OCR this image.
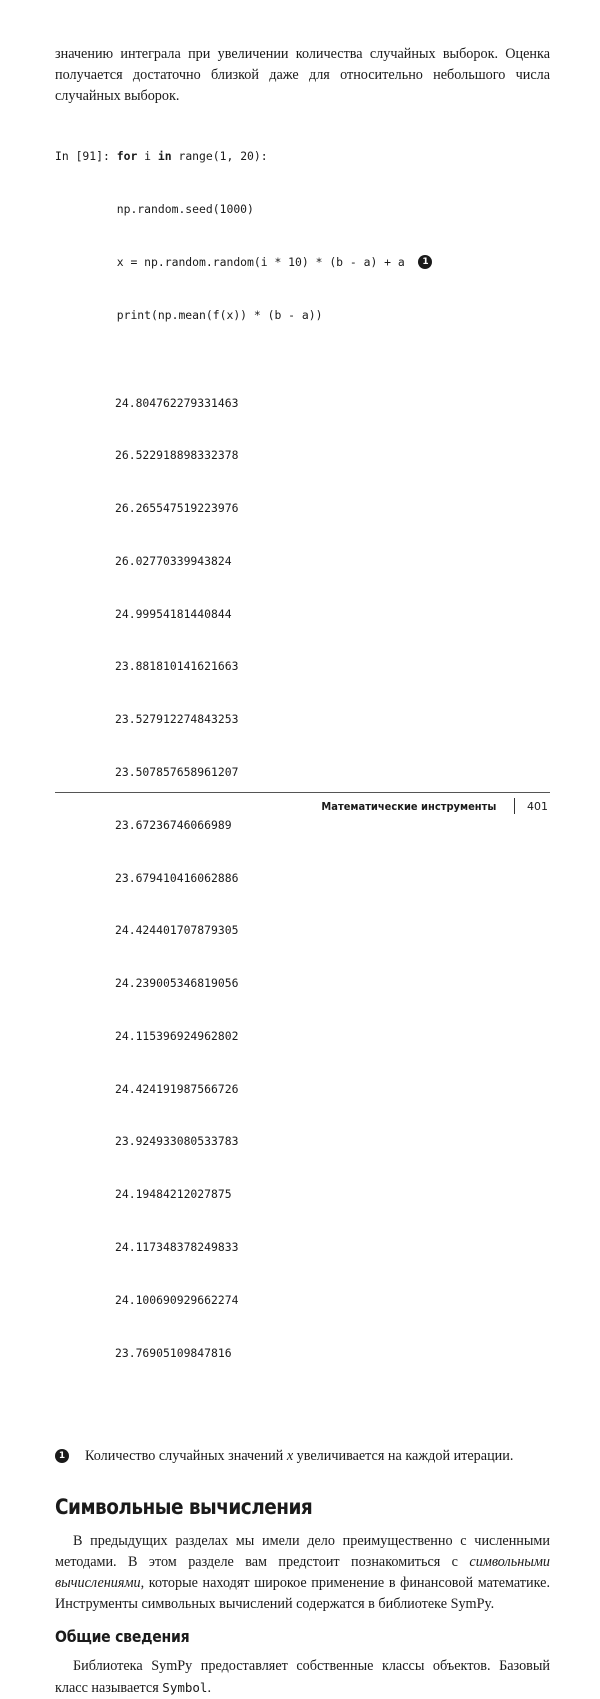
значению интеграла при увеличении количества случайных выборок. Оценка получается достаточно близкой даже для относительно небольшого числа случайных выборок.

In [91]: for i in range(1, 20):

np.random.seed(1000)

x = np.random.random(i * 10) * (b - a) + a 1

print(np.mean(f(x)) * (b - a))

24.804762279331463

26.522918898332378

26.265547519223976

26.02770339943824

24.99954181440844

23.881810141621663

23.527912274843253

23.507857658961207

23.67236746066989

23.679410416062886

24.424401707879305

24.239005346819056

24.115396924962802

24.424191987566726

23.924933080533783

24.19484212027875

24.117348378249833

24.100690929662274

23.76905109847816

1 Количество случайных значений x увеличивается на каждой итерации.
Символьные вычисления

В предыдущих разделах мы имели дело преимущественно с численными методами. В этом разделе вам предстоит познакомиться с символьными вычислениями, которые находят широкое применение в финансовой математике. Инструменты символьных вычислений содержатся в библиотеке SymPy.

Общие сведения

Библиотека SymPy предоставляет собственные классы объектов. Базовый класс называется Symbol.

Математические инструменты	401
